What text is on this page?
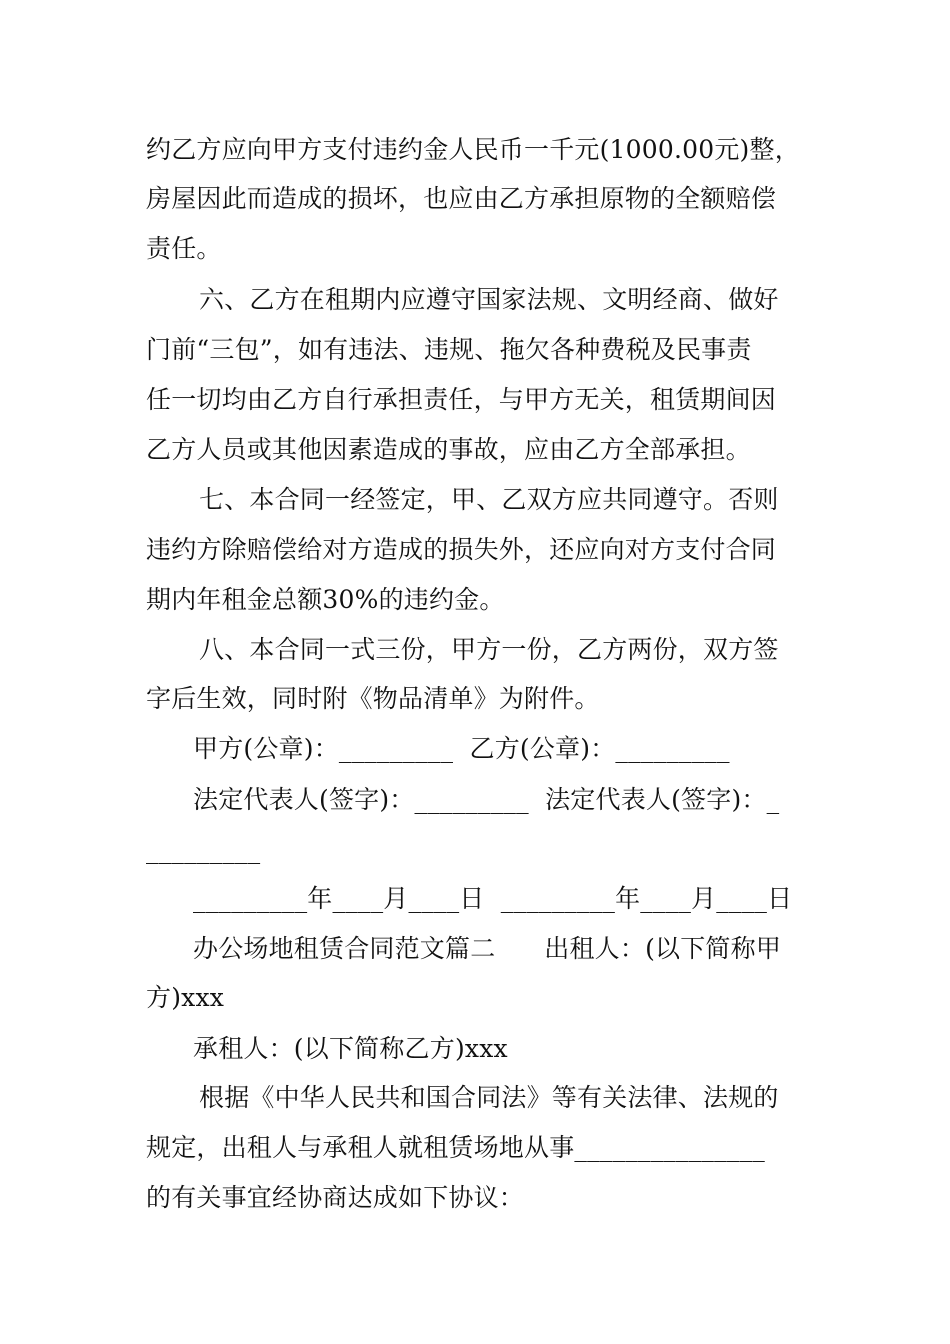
约乙方应向甲方支付违约金人民币一千元(1000.00元)整，
房屋因此而造成的损坏，也应由乙方承担原物的全额赔偿
责任。
六、乙方在租期内应遵守国家法规、文明经商、做好
门前“三包”，如有违法、违规、拖欠各种费税及民事责
任一切均由乙方自行承担责任，与甲方无关，租赁期间因
乙方人员或其他因素造成的事故，应由乙方全部承担。
七、本合同一经签定，甲、乙双方应共同遵守。否则
违约方除赔偿给对方造成的损失外，还应向对方支付合同
期内年租金总额30%的违约金。
八、本合同一式三份，甲方一份，乙方两份，双方签
字后生效，同时附《物品清单》为附件。
甲方(公章)：_________  乙方(公章)：_________
法定代表人(签字)：_________  法定代表人(签字)：_
_________
_________年____月____日  _________年____月____日
办公场地租赁合同范文篇二      出租人：(以下简称甲
方)xxx
承租人：(以下简称乙方)xxx
根据《中华人民共和国合同法》等有关法律、法规的
规定，出租人与承租人就租赁场地从事_______________
的有关事宜经协商达成如下协议：
